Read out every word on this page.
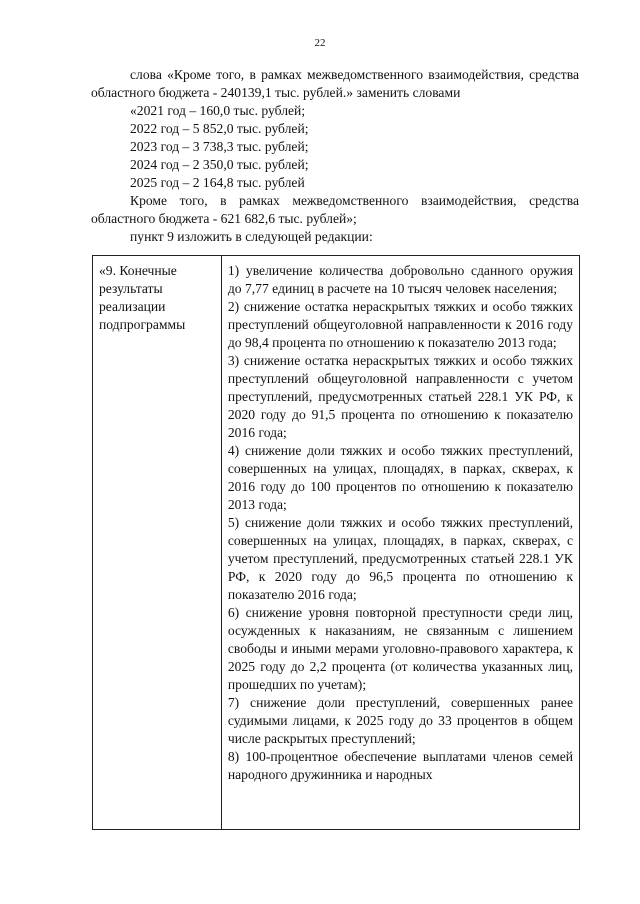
22

слова «Кроме того, в рамках межведомственного взаимодействия, средства областного бюджета - 240139,1 тыс. рублей.» заменить словами

«2021 год – 160,0 тыс. рублей;

2022 год – 5 852,0 тыс. рублей;

2023 год – 3 738,3 тыс. рублей;

2024 год – 2 350,0 тыс. рублей;

2025 год – 2 164,8 тыс. рублей

Кроме того, в рамках межведомственного взаимодействия, средства областного бюджета - 621 682,6 тыс. рублей»;

пункт 9 изложить в следующей редакции:

«9. Конечные результаты реализации подпрограммы

1) увеличение количества добровольно сданного оружия до 7,77 единиц в расчете на 10 тысяч человек населения;
2) снижение остатка нераскрытых тяжких и особо тяжких преступлений общеуголовной направленности к 2016 году до 98,4 процента по отношению к показателю 2013 года;
3) снижение остатка нераскрытых тяжких и особо тяжких преступлений общеуголовной направленности с учетом преступлений, предусмотренных статьей 228.1 УК РФ, к 2020 году до 91,5 процента по отношению к показателю 2016 года;
4) снижение доли тяжких и особо тяжких преступлений, совершенных на улицах, площадях, в парках, скверах, к 2016 году до 100 процентов по отношению к показателю 2013 года;
5) снижение доли тяжких и особо тяжких преступлений, совершенных на улицах, площадях, в парках, скверах, с учетом преступлений, предусмотренных статьей 228.1 УК РФ, к 2020 году до 96,5 процента по отношению к показателю 2016 года;
6) снижение уровня повторной преступности среди лиц, осужденных к наказаниям, не связанным с лишением свободы и иными мерами уголовно-правового характера, к 2025 году до 2,2 процента (от количества указанных лиц, прошедших по учетам);
7) снижение доли преступлений, совершенных ранее судимыми лицами, к 2025 году до 33 процентов в общем числе раскрытых преступлений;
8) 100-процентное обеспечение выплатами членов семей народного дружинника и народных
